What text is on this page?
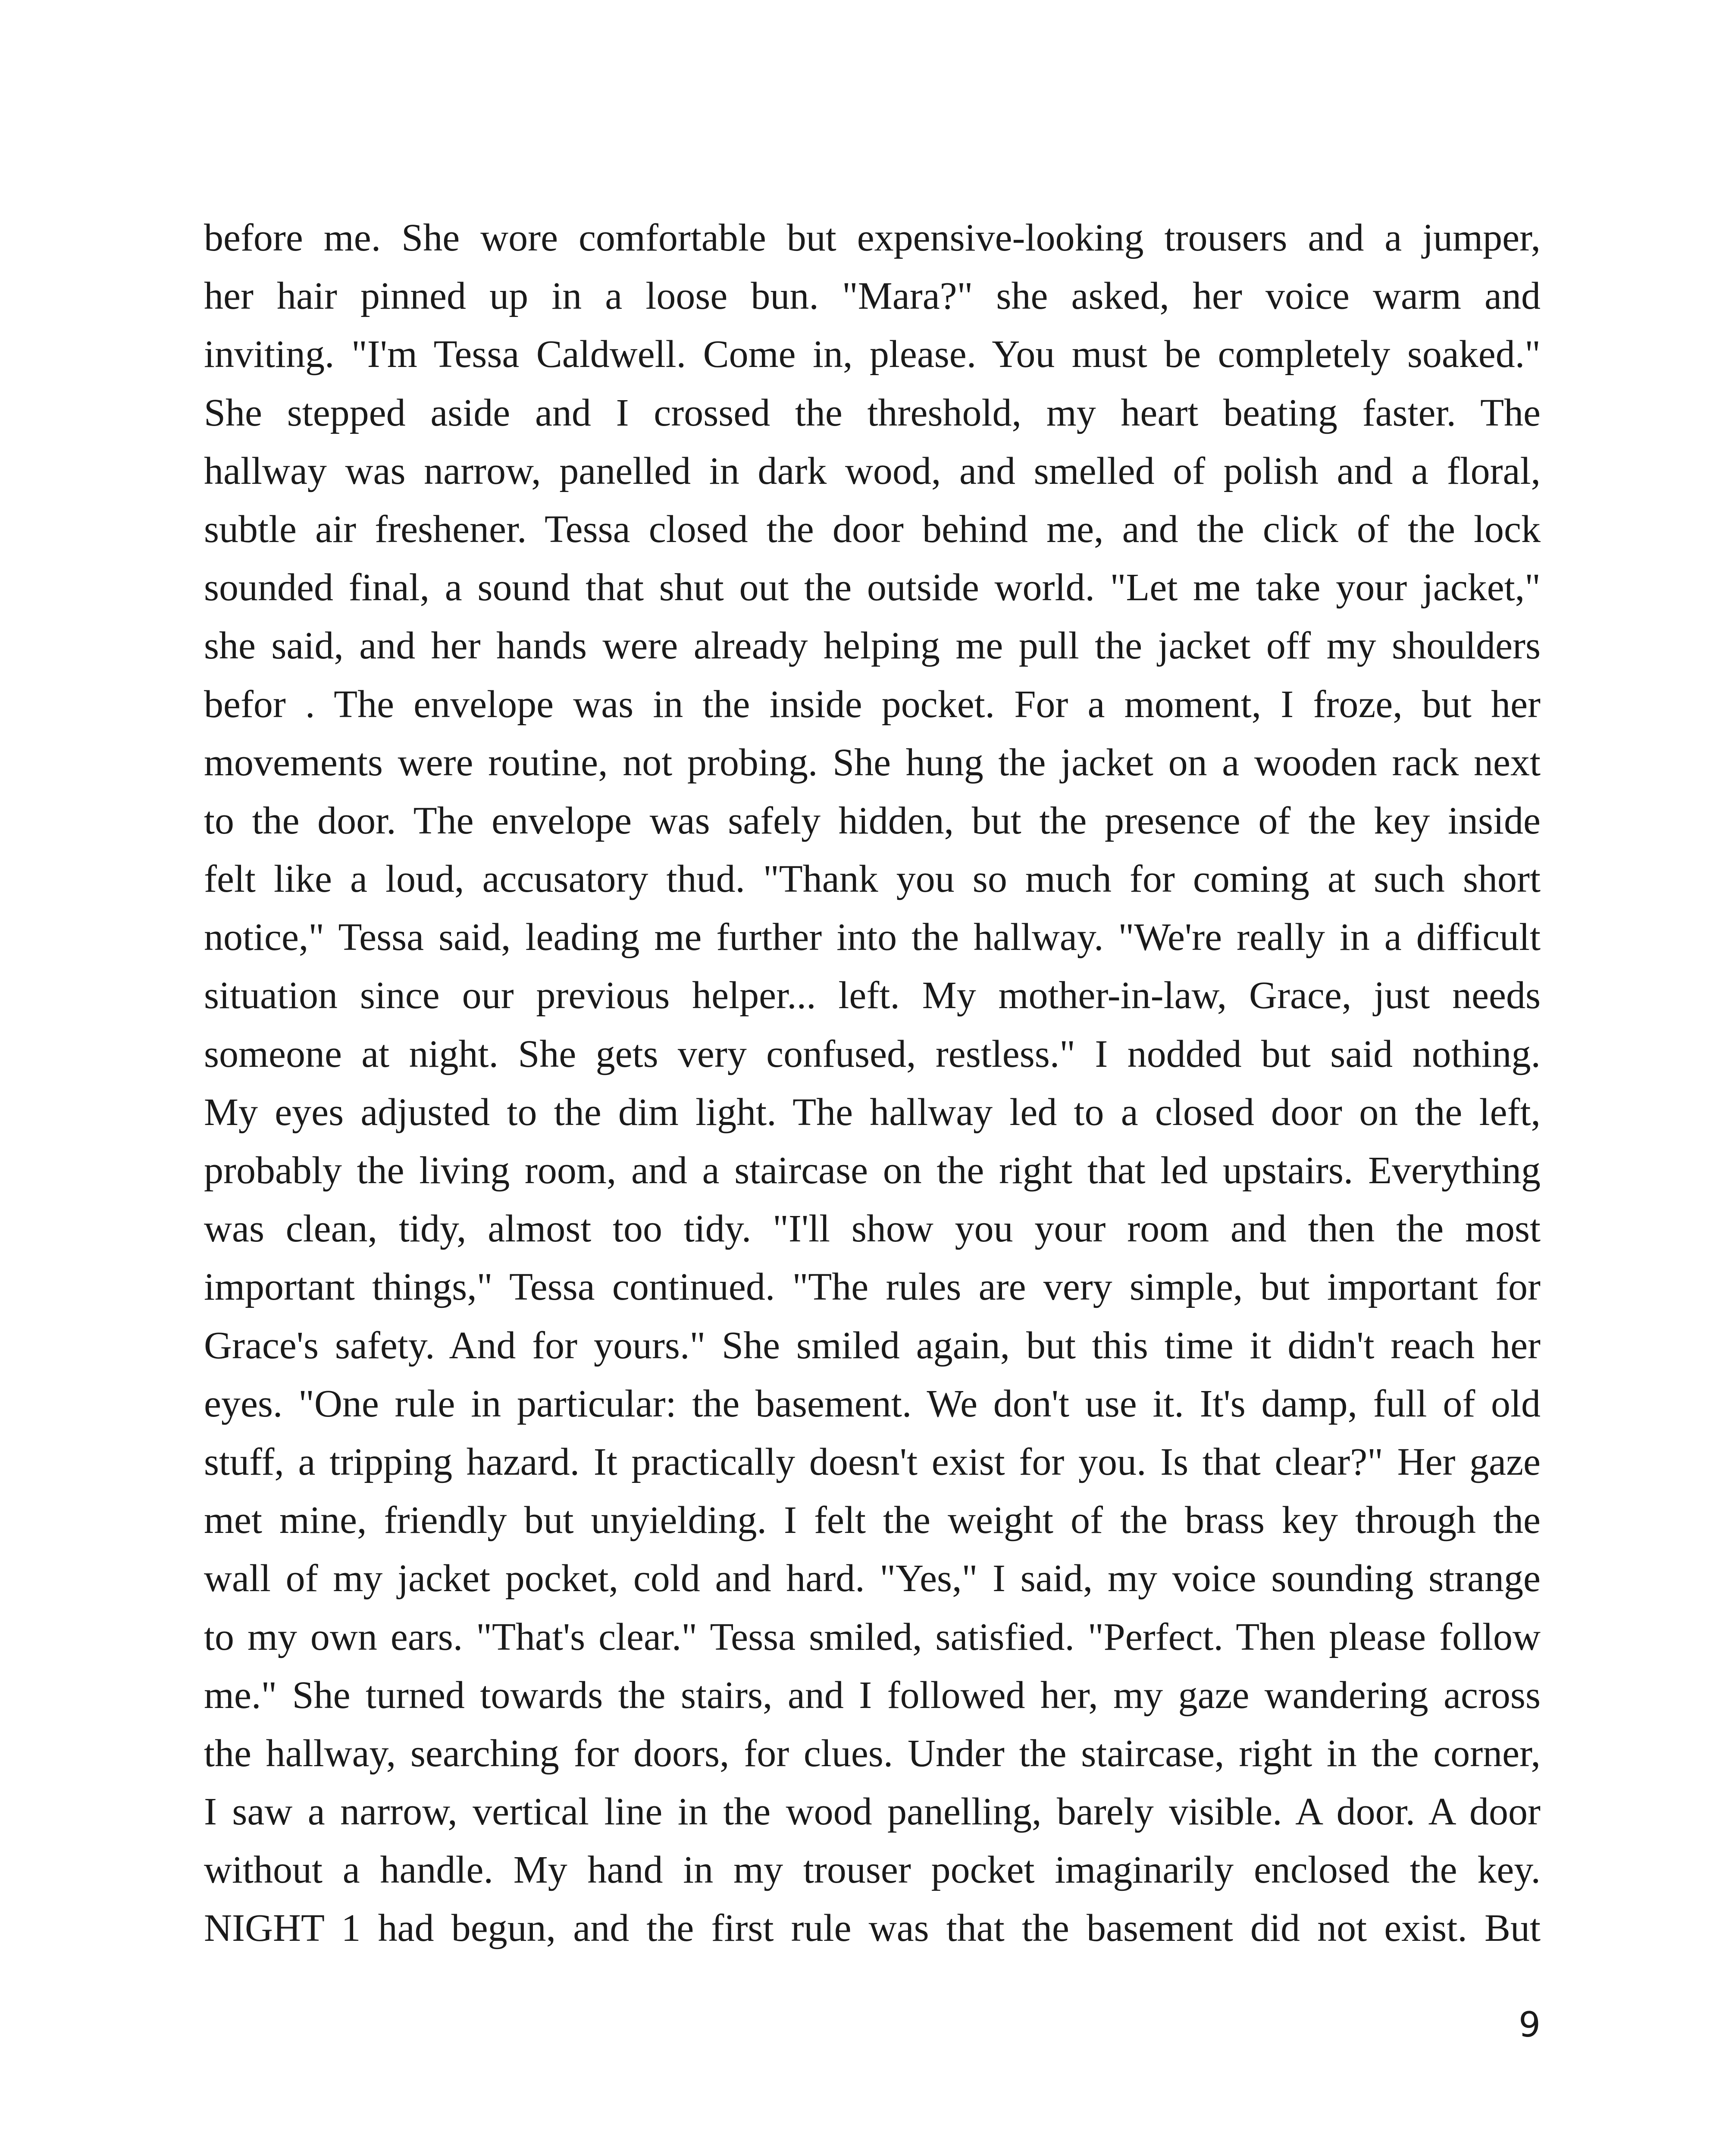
before me. She wore comfortable but expensive-looking trousers and a jumper,
her hair pinned up in a loose bun. "Mara?" she asked, her voice warm and
inviting. "I'm Tessa Caldwell. Come in, please. You must be completely soaked."
She stepped aside and I crossed the threshold, my heart beating faster. The
hallway was narrow, panelled in dark wood, and smelled of polish and a floral,
subtle air freshener. Tessa closed the door behind me, and the click of the lock
sounded final, a sound that shut out the outside world. "Let me take your jacket,"
she said, and her hands were already helping me pull the jacket off my shoulders
befor . The envelope was in the inside pocket. For a moment, I froze, but her
movements were routine, not probing. She hung the jacket on a wooden rack next
to the door. The envelope was safely hidden, but the presence of the key inside
felt like a loud, accusatory thud. "Thank you so much for coming at such short
notice," Tessa said, leading me further into the hallway. "We're really in a difficult
situation since our previous helper... left. My mother-in-law, Grace, just needs
someone at night. She gets very confused, restless." I nodded but said nothing.
My eyes adjusted to the dim light. The hallway led to a closed door on the left,
probably the living room, and a staircase on the right that led upstairs. Everything
was clean, tidy, almost too tidy. "I'll show you your room and then the most
important things," Tessa continued. "The rules are very simple, but important for
Grace's safety. And for yours." She smiled again, but this time it didn't reach her
eyes. "One rule in particular: the basement. We don't use it. It's damp, full of old
stuff, a tripping hazard. It practically doesn't exist for you. Is that clear?" Her gaze
met mine, friendly but unyielding. I felt the weight of the brass key through the
wall of my jacket pocket, cold and hard. "Yes," I said, my voice sounding strange
to my own ears. "That's clear." Tessa smiled, satisfied. "Perfect. Then please follow
me." She turned towards the stairs, and I followed her, my gaze wandering across
the hallway, searching for doors, for clues. Under the staircase, right in the corner,
I saw a narrow, vertical line in the wood panelling, barely visible. A door. A door
without a handle. My hand in my trouser pocket imaginarily enclosed the key.
NIGHT 1 had begun, and the first rule was that the basement did not exist. But
9
